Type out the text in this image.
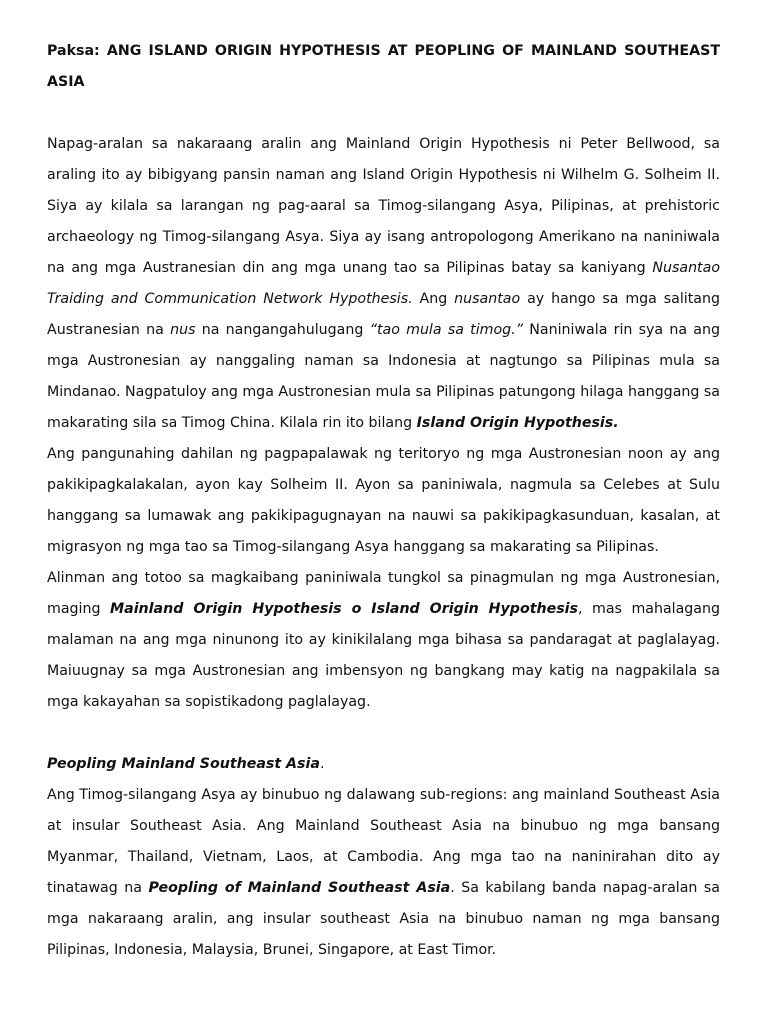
Paksa: ANG ISLAND ORIGIN HYPOTHESIS AT PEOPLING OF MAINLAND SOUTHEAST ASIA

Napag-aralan sa nakaraang aralin ang Mainland Origin Hypothesis ni Peter Bellwood, sa araling ito ay bibigyang pansin naman ang Island Origin Hypothesis ni Wilhelm G. Solheim II. Siya ay kilala sa larangan ng pag-aaral sa Timog-silangang Asya, Pilipinas, at prehistoric archaeology ng Timog-silangang Asya. Siya ay isang antropologong Amerikano na naniniwala na ang mga Austranesian din ang mga unang tao sa Pilipinas batay sa kaniyang Nusantao Traiding and Communication Network Hypothesis. Ang nusantao ay hango sa mga salitang Austranesian na nus na nangangahulugang “tao mula sa timog.” Naniniwala rin sya na ang mga Austronesian ay nanggaling naman sa Indonesia at nagtungo sa Pilipinas mula sa Mindanao. Nagpatuloy ang mga Austronesian mula sa Pilipinas patungong hilaga hanggang sa makarating sila sa Timog China. Kilala rin ito bilang Island Origin Hypothesis.

Ang pangunahing dahilan ng pagpapalawak ng teritoryo ng mga Austronesian noon ay ang pakikipagkalakalan, ayon kay Solheim II. Ayon sa paniniwala, nagmula sa Celebes at Sulu hanggang sa lumawak ang pakikipagugnayan na nauwi sa pakikipagkasunduan, kasalan, at migrasyon ng mga tao sa Timog-silangang Asya hanggang sa makarating sa Pilipinas.

Alinman ang totoo sa magkaibang paniniwala tungkol sa pinagmulan ng mga Austronesian, maging Mainland Origin Hypothesis o Island Origin Hypothesis, mas mahalagang malaman na ang mga ninunong ito ay kinikilalang mga bihasa sa pandaragat at paglalayag. Maiuugnay sa mga Austronesian ang imbensyon ng bangkang may katig na nagpakilala sa mga kakayahan sa sopistikadong paglalayag.

Peopling Mainland Southeast Asia.

Ang Timog-silangang Asya ay binubuo ng dalawang sub-regions: ang mainland Southeast Asia at insular Southeast Asia. Ang Mainland Southeast Asia na binubuo ng mga bansang Myanmar, Thailand, Vietnam, Laos, at Cambodia. Ang mga tao na naninirahan dito ay tinatawag na Peopling of Mainland Southeast Asia. Sa kabilang banda napag-aralan sa mga nakaraang aralin, ang insular southeast Asia na binubuo naman ng mga bansang Pilipinas, Indonesia, Malaysia, Brunei, Singapore, at East Timor.
